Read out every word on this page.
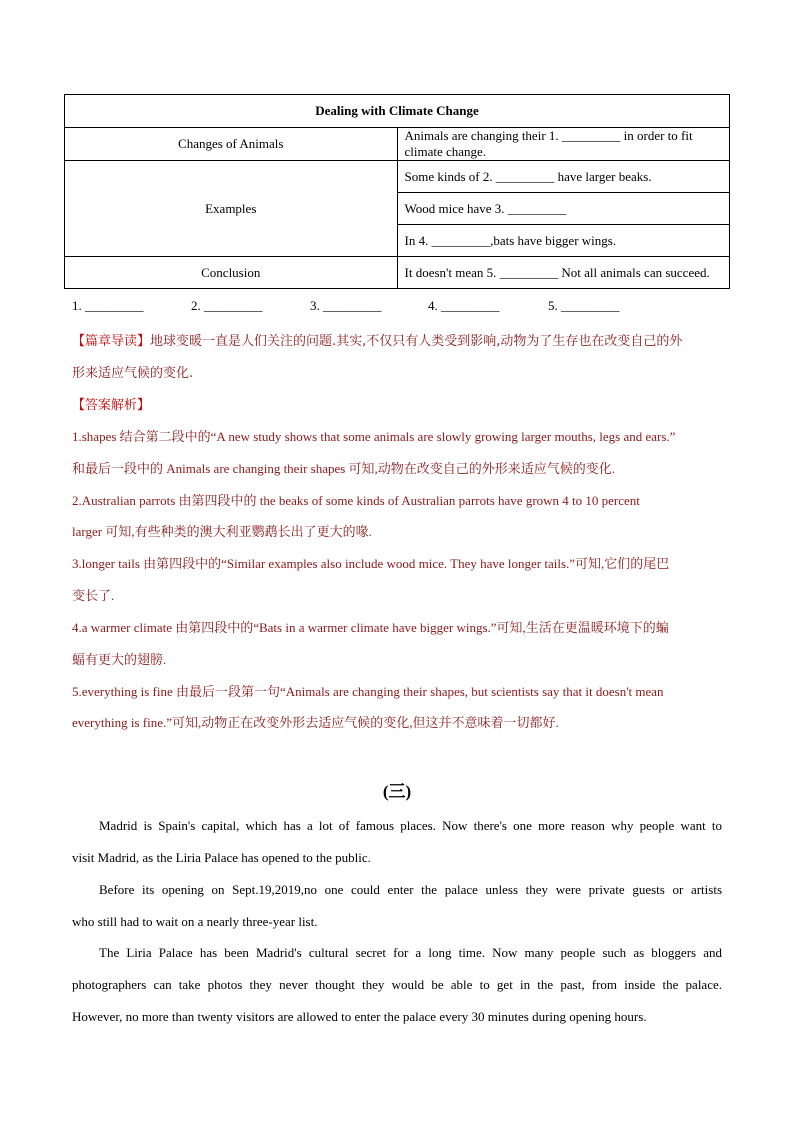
Dealing with Climate Change	
Changes of Animals	Animals are changing their 1. _________ in order to fit climate change.
Examples	Some kinds of 2. _________ have larger beaks.
	Wood mice have 3. _________
	In 4. _________,bats have bigger wings.
Conclusion	It doesn't mean 5. _________ Not all animals can succeed.
1. _________	2. _________	3. _________	4. _________	5. _________
【篇章导读】地球变暖一直是人们关注的问题.其实,不仅只有人类受到影响,动物为了生存也在改变自己的外
形来适应气候的变化.
【答案解析】
1.shapes 结合第二段中的“A new study shows that some animals are slowly growing larger mouths, legs and ears.”
和最后一段中的 Animals are changing their shapes 可知,动物在改变自己的外形来适应气候的变化.
2.Australian parrots 由第四段中的 the beaks of some kinds of Australian parrots have grown 4 to 10 percent
larger 可知,有些种类的澳大利亚鹦鹉长出了更大的喙.
3.longer tails 由第四段中的“Similar examples also include wood mice. They have longer tails.”可知,它们的尾巴
变长了.
4.a warmer climate 由第四段中的“Bats in a warmer climate have bigger wings.”可知,生活在更温暖环境下的蝙
蝠有更大的翅膀.
5.everything is fine 由最后一段第一句“Animals are changing their shapes, but scientists say that it doesn't mean
everything is fine.”可知,动物正在改变外形去适应气候的变化,但这并不意味着一切都好.
(三)
Madrid is Spain's capital, which has a lot of famous places. Now there's one more reason why people want to
visit Madrid, as the Liria Palace has opened to the public.
Before its opening on Sept.19,2019,no one could enter the palace unless they were private guests or artists
who still had to wait on a nearly three-year list.
The Liria Palace has been Madrid's cultural secret for a long time. Now many people such as bloggers and
photographers can take photos they never thought they would be able to get in the past, from inside the palace.
However, no more than twenty visitors are allowed to enter the palace every 30 minutes during opening hours.
